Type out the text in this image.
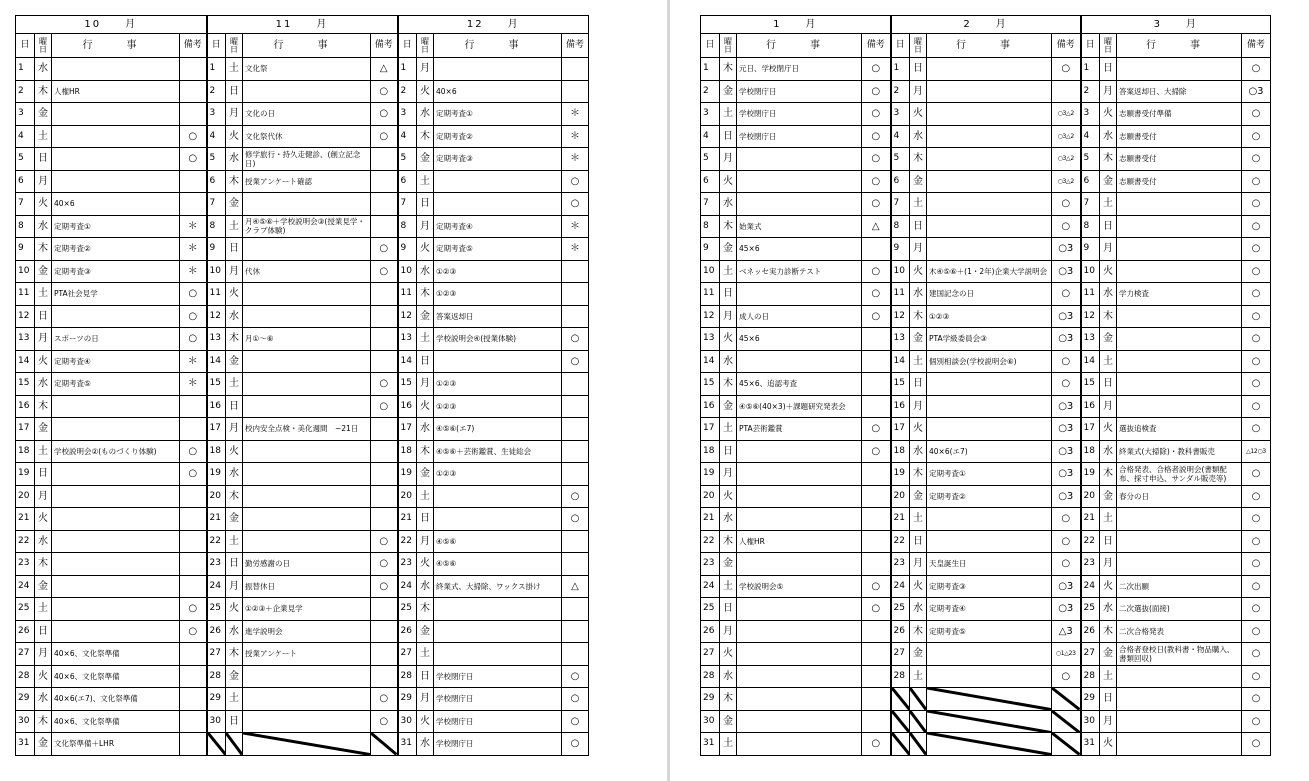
10　　月				11　　月				12　　月			
日	曜
日	行　事	備考	日	曜
日	行　事	備考	日	曜
日	行　事	備考
1	水			1	土	文化祭	△	1	月		
2	木	人権HR		2	日		○	2	火	40×6	
3	金			3	月	文化の日	○	3	水	定期考査①	＊
4	土		○	4	火	文化祭代休	○	4	木	定期考査②	＊
5	日		○	5	水	修学旅行・持久走健診、(創立記念日)		5	金	定期考査③	＊
6	月			6	木	授業アンケート確認		6	土		○
7	火	40×6		7	金			7	日		○
8	水	定期考査①	＊	8	土	月④⑤⑥＋学校説明会③(授業見学・クラブ体験)		8	月	定期考査④	＊
9	木	定期考査②	＊	9	日		○	9	火	定期考査⑤	＊
10	金	定期考査③	＊	10	月	代休	○	10	水	①②③	
11	土	PTA社会見学	○	11	火			11	木	①②③	
12	日		○	12	水			12	金	答案返却日	
13	月	スポーツの日	○	13	木	月①～⑥		13	土	学校説明会④(授業体験)	○
14	火	定期考査④	＊	14	金			14	日		○
15	水	定期考査⑤	＊	15	土		○	15	月	①②③	
16	木			16	日		○	16	火	①②③	
17	金			17	月	校内安全点検・美化週間　~21日		17	水	④⑤⑥(エ7)	
18	土	学校説明会②(ものづくり体験)	○	18	火			18	木	④⑤⑥＋芸術鑑賞、生徒総会	
19	日		○	19	水			19	金	①②③	
20	月			20	木			20	土		○
21	火			21	金			21	日		○
22	水			22	土		○	22	月	④⑤⑥	
23	木			23	日	勤労感謝の日	○	23	火	④⑤⑥	
24	金			24	月	振替休日	○	24	水	終業式、大掃除、ワックス掛け	△
25	土		○	25	火	①②③＋企業見学		25	木		
26	日		○	26	水	進学説明会		26	金		
27	月	40×6、文化祭準備		27	木	授業アンケート		27	土		
28	火	40×6、文化祭準備		28	金			28	日	学校閉庁日	○
29	水	40×6(エ7)、文化祭準備		29	土		○	29	月	学校閉庁日	○
30	木	40×6、文化祭準備		30	日		○	30	火	学校閉庁日	○
31	金	文化祭準備＋LHR						31	水	学校閉庁日	○
1　　月				2　　月				3　　月			
日	曜
日	行　事	備考	日	曜
日	行　事	備考	日	曜
日	行　事	備考
1	木	元日、学校閉庁日	○	1	日		○	1	日		○
2	金	学校閉庁日	○	2	月			2	月	答案返却日、大掃除	○3
3	土	学校閉庁日	○	3	火		○3△2	3	火	志願書受付準備	○
4	日	学校閉庁日	○	4	水		○3△2	4	水	志願書受付	○
5	月		○	5	木		○3△2	5	木	志願書受付	○
6	火		○	6	金		○3△2	6	金	志願書受付	○
7	水		○	7	土		○	7	土		○
8	木	始業式	△	8	日		○	8	日		○
9	金	45×6		9	月		○3	9	月		○
10	土	ベネッセ実力診断テスト	○	10	火	木④⑤⑥＋(1・2年)企業大学説明会	○3	10	火		○
11	日		○	11	水	建国記念の日	○	11	水	学力検査	○
12	月	成人の日	○	12	木	①②③	○3	12	木		○
13	火	45×6		13	金	PTA学級委員会③	○3	13	金		○
14	水			14	土	個別相談会(学校説明会⑥)	○	14	土		○
15	木	45×6、追認考査		15	日		○	15	日		○
16	金	④⑤⑥(40×3)＋課題研究発表会		16	月		○3	16	月		○
17	土	PTA芸術鑑賞	○	17	火		○3	17	火	選抜追検査	○
18	日		○	18	水	40×6(エ7)	○3	18	水	終業式(大掃除)・教科書販売	△12○3
19	月			19	木	定期考査①	○3	19	木	合格発表、合格者説明会(書類配布、採寸申込、サンダル販売等)	○
20	火			20	金	定期考査②	○3	20	金	春分の日	○
21	水			21	土		○	21	土		○
22	木	人権HR		22	日		○	22	日		○
23	金			23	月	天皇誕生日	○	23	月		○
24	土	学校説明会⑤	○	24	火	定期考査③	○3	24	火	二次出願	○
25	日		○	25	水	定期考査④	○3	25	水	二次選抜(面接)	○
26	月			26	木	定期考査⑤	△3	26	木	二次合格発表	○
27	火			27	金		○1△23	27	金	合格者登校日(教科書・物品購入、書類回収)	○
28	水			28	土		○	28	土		○
29	木							29	日		○
30	金							30	月		○
31	土		○					31	火		○
